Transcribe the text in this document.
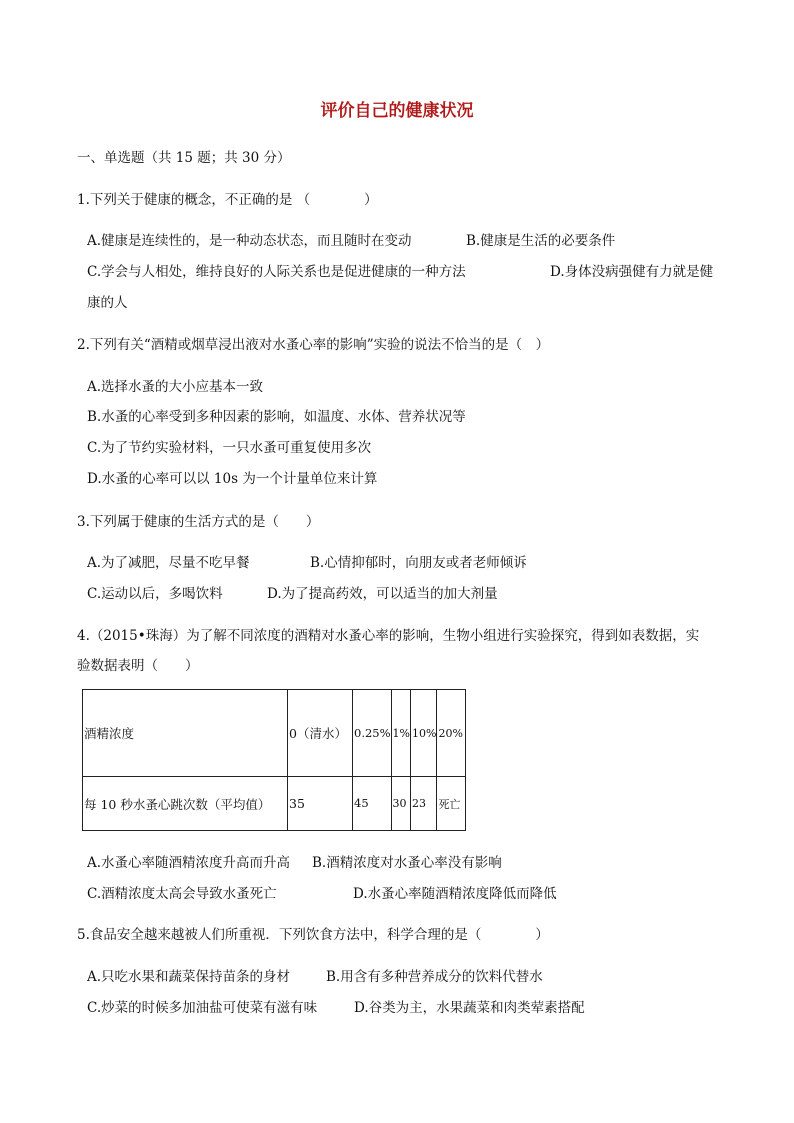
评价自己的健康状况
一、单选题（共 15 题；共 30 分）
1.下列关于健康的概念，不正确的是 （　　　　）
A.健康是连续性的，是一种动态状态，而且随时在变动	B.健康是生活的必要条件
C.学会与人相处，维持良好的人际关系也是促进健康的一种方法	D.身体没病强健有力就是健
康的人
2.下列有关“酒精或烟草浸出液对水蚤心率的影响”实验的说法不恰当的是（　）
A.选择水蚤的大小应基本一致
B.水蚤的心率受到多种因素的影响，如温度、水体、营养状况等
C.为了节约实验材料，一只水蚤可重复使用多次
D.水蚤的心率可以以 10s 为一个计量单位来计算
3.下列属于健康的生活方式的是（　　）
A.为了减肥，尽量不吃早餐	B.心情抑郁时，向朋友或者老师倾诉
C.运动以后，多喝饮料	D.为了提高药效，可以适当的加大剂量
4.（2015•珠海）为了解不同浓度的酒精对水蚤心率的影响，生物小组进行实验探究，得到如表数据，实
验数据表明（　　）
酒精浓度	0（清水）	0.25%	1%	10%	20%
每 10 秒水蚤心跳次数（平均值）	35	45	30	23	死亡
A.水蚤心率随酒精浓度升高而升高 B.酒精浓度对水蚤心率没有影响
C.酒精浓度太高会导致水蚤死亡	D.水蚤心率随酒精浓度降低而降低
5.食品安全越来越被人们所重视．下列饮食方法中，科学合理的是（　　　　）
A.只吃水果和蔬菜保持苗条的身材	B.用含有多种营养成分的饮料代替水
C.炒菜的时候多加油盐可使菜有滋有味	D.谷类为主，水果蔬菜和肉类荤素搭配
